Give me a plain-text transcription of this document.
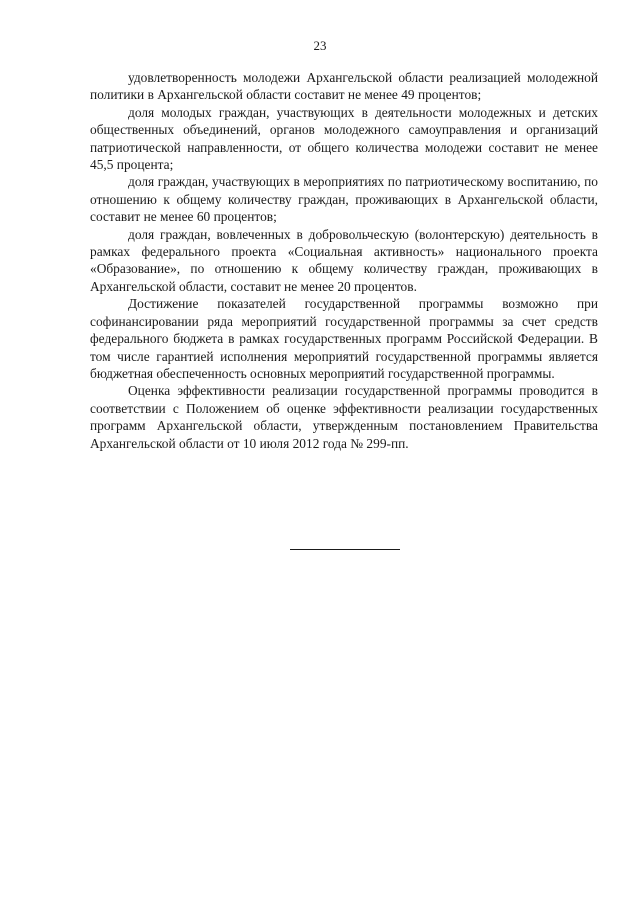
23

удовлетворенность молодежи Архангельской области реализацией молодежной политики в Архангельской области составит не менее 49 процентов;

доля молодых граждан, участвующих в деятельности молодежных и детских общественных объединений, органов молодежного самоуправления и организаций патриотической направленности, от общего количества молодежи составит не менее 45,5 процента;

доля граждан, участвующих в мероприятиях по патриотическому воспитанию, по отношению к общему количеству граждан, проживающих в Архангельской области, составит не менее 60 процентов;

доля граждан, вовлеченных в добровольческую (волонтерскую) деятельность в рамках федерального проекта «Социальная активность» национального проекта «Образование», по отношению к общему количеству граждан, проживающих в Архангельской области, составит не менее 20 процентов.

Достижение показателей государственной программы возможно при софинансировании ряда мероприятий государственной программы за счет средств федерального бюджета в рамках государственных программ Российской Федерации. В том числе гарантией исполнения мероприятий государственной программы является бюджетная обеспеченность основных мероприятий государственной программы.

Оценка эффективности реализации государственной программы проводится в соответствии с Положением об оценке эффективности реализации государственных программ Архангельской области, утвержденным постановлением Правительства Архангельской области от 10 июля 2012 года № 299-пп.
